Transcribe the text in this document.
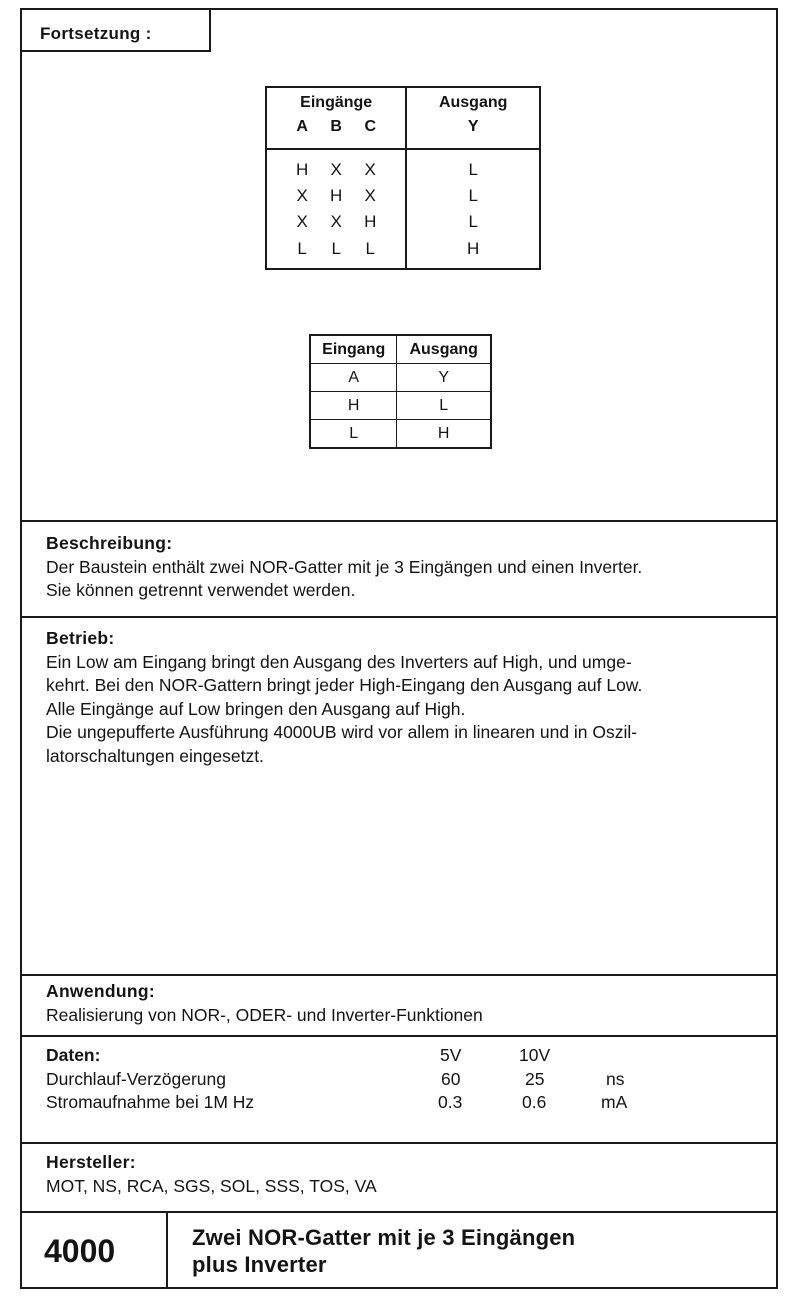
Fortsetzung :
Eingänge			Ausgang
A	B	C	Y
H	X	X	L
X	H	X	L
X	X	H	L
L	L	L	H
Eingang	Ausgang
A	Y
H	L
L	H
Beschreibung:
Der Baustein enthält zwei NOR-Gatter mit je 3 Eingängen und einen Inverter.
Sie können getrennt verwendet werden.
Betrieb:
Ein Low am Eingang bringt den Ausgang des Inverters auf High, und umge-
kehrt. Bei den NOR-Gattern bringt jeder High-Eingang den Ausgang auf Low.
Alle Eingänge auf Low bringen den Ausgang auf High.
Die ungepufferte Ausführung 4000UB wird vor allem in linearen und in Oszil-
latorschaltungen eingesetzt.
Anwendung:
Realisierung von NOR-, ODER- und Inverter-Funktionen
Daten:	5V	10V
Durchlauf-Verzögerung	60	25	ns
Stromaufnahme bei 1M Hz	0.3	0.6	mA
Hersteller:
MOT, NS, RCA, SGS, SOL, SSS, TOS, VA
4000	Zwei NOR-Gatter mit je 3 Eingängen
plus Inverter
